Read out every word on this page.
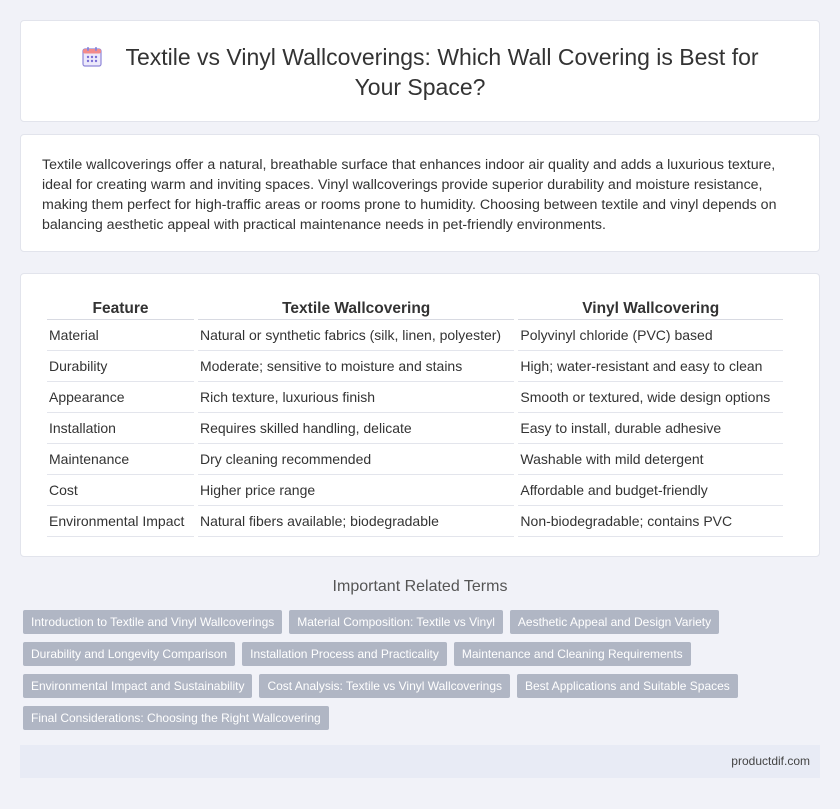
Textile vs Vinyl Wallcoverings: Which Wall Covering is Best for Your Space?

Textile wallcoverings offer a natural, breathable surface that enhances indoor air quality and adds a luxurious texture, ideal for creating warm and inviting spaces. Vinyl wallcoverings provide superior durability and moisture resistance, making them perfect for high-traffic areas or rooms prone to humidity. Choosing between textile and vinyl depends on balancing aesthetic appeal with practical maintenance needs in pet-friendly environments.

Feature	Textile Wallcovering	Vinyl Wallcovering
Material	Natural or synthetic fabrics (silk, linen, polyester)	Polyvinyl chloride (PVC) based
Durability	Moderate; sensitive to moisture and stains	High; water-resistant and easy to clean
Appearance	Rich texture, luxurious finish	Smooth or textured, wide design options
Installation	Requires skilled handling, delicate	Easy to install, durable adhesive
Maintenance	Dry cleaning recommended	Washable with mild detergent
Cost	Higher price range	Affordable and budget-friendly
Environmental Impact	Natural fibers available; biodegradable	Non-biodegradable; contains PVC
Important Related Terms
Introduction to Textile and Vinyl Wallcoverings	Material Composition: Textile vs Vinyl	Aesthetic Appeal and Design Variety
Durability and Longevity Comparison	Installation Process and Practicality	Maintenance and Cleaning Requirements
Environmental Impact and Sustainability	Cost Analysis: Textile vs Vinyl Wallcoverings	Best Applications and Suitable Spaces
Final Considerations: Choosing the Right Wallcovering
productdif.com
